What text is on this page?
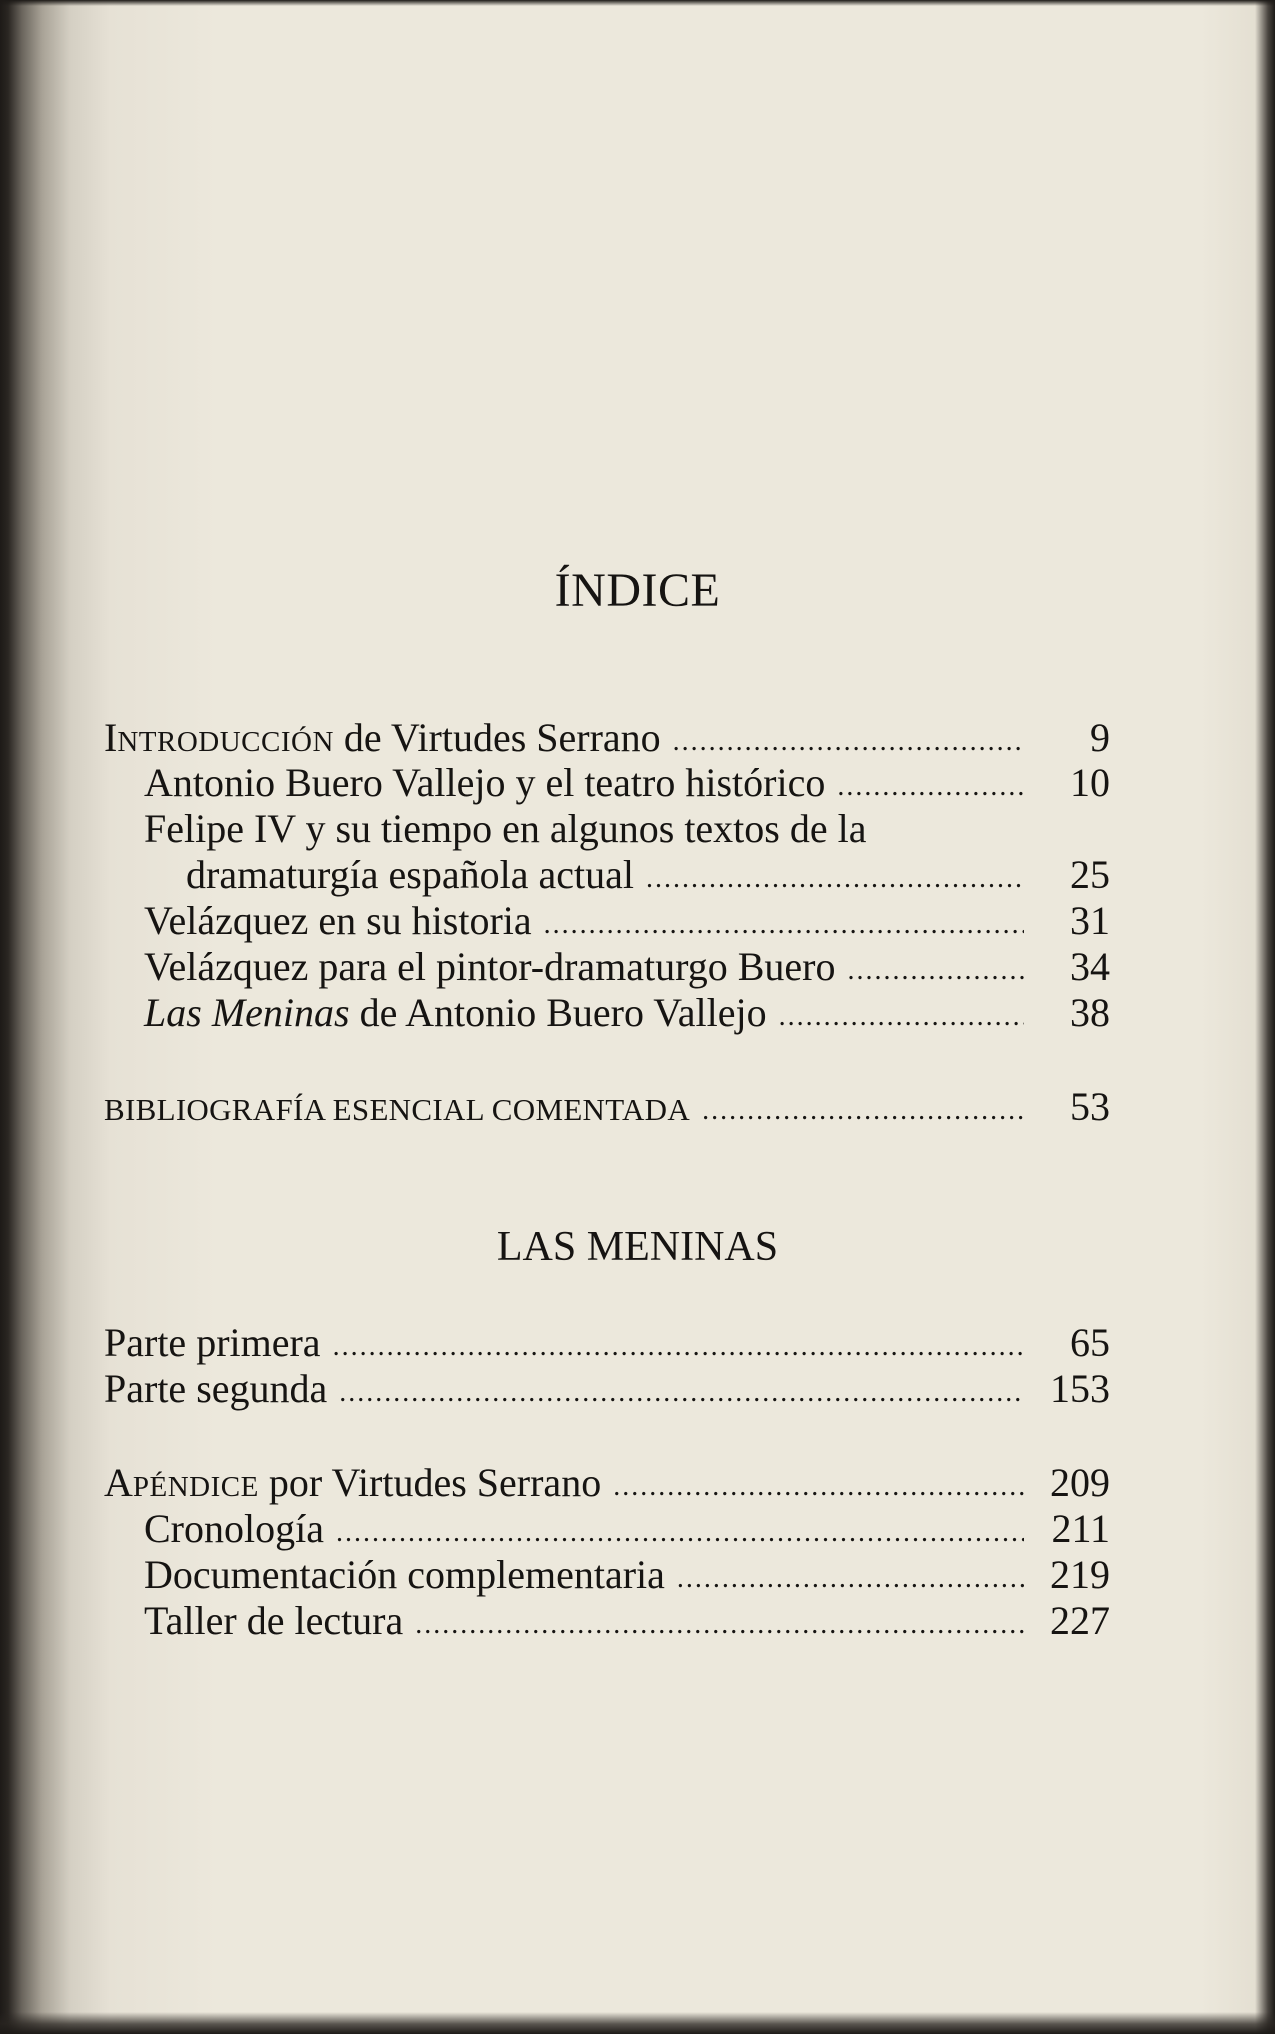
ÍNDICE
INTRODUCCIÓN de Virtudes Serrano .....	9
Antonio Buero Vallejo y el teatro histórico .....	10
Felipe IV y su tiempo en algunos textos de la
dramaturgía española actual .....	25
Velázquez en su historia .....	31
Velázquez para el pintor-dramaturgo Buero .....	34
Las Meninas de Antonio Buero Vallejo .....	38
BIBLIOGRAFÍA ESENCIAL COMENTADA .....	53
LAS MENINAS
Parte primera .....	65
Parte segunda .....	153
APÉNDICE por Virtudes Serrano .....	209
Cronología .....	211
Documentación complementaria .....	219
Taller de lectura .....	227
